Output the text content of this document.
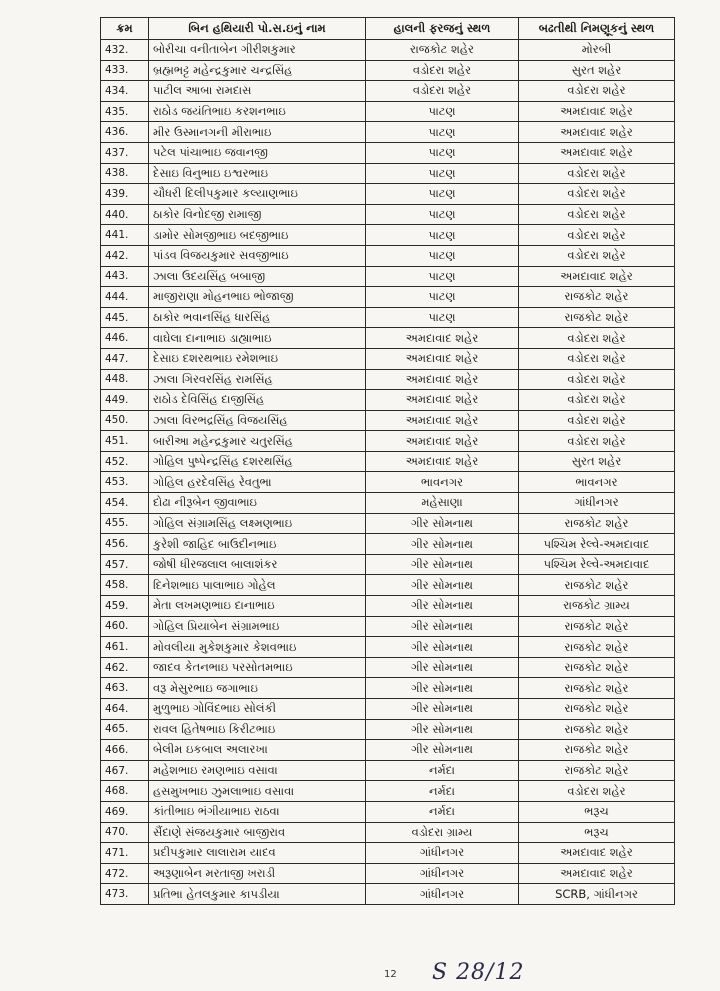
ક્રમ	બિન હથિયારી પો.સ.ઇનું નામ	હાલની ફરજનું સ્થળ	બઢતીથી નિમણૂકનું સ્થળ
432.	બોરીચા વનીતાબેન ગીરીશકુમાર	રાજકોટ શહેર	મોરબી
433.	બ્રહ્મભટ્ટ મહેન્દ્રકુમાર ચન્દ્રસિંહ	વડોદરા શહેર	સુરત શહેર
434.	પાટીલ આબા રામદાસ	વડોદરા શહેર	વડોદરા શહેર
435.	રાઠોડ જયંતિભાઇ કરશનભાઇ	પાટણ	અમદાવાદ શહેર
436.	મીર ઉસ્માનગની મીરાભાઇ	પાટણ	અમદાવાદ શહેર
437.	પટેલ પાંચાભાઇ જવાનજી	પાટણ	અમદાવાદ શહેર
438.	દેસાઇ વિનુભાઇ ઇશ્વરભાઇ	પાટણ	વડોદરા શહેર
439.	ચૌધરી દિલીપકુમાર કલ્યાણભાઇ	પાટણ	વડોદરા શહેર
440.	ઠાકોર વિનોદજી રામાજી	પાટણ	વડોદરા શહેર
441.	ડામોર સોમજીભાઇ બદજીભાઇ	પાટણ	વડોદરા શહેર
442.	પાંડવ વિજયકુમાર સવજીભાઇ	પાટણ	વડોદરા શહેર
443.	ઝાલા ઉદયસિંહ બબાજી	પાટણ	અમદાવાદ શહેર
444.	માજીરાણા મોહનભાઇ ભોજાજી	પાટણ	રાજકોટ શહેર
445.	ઠાકોર ભવાનસિંહ ધારસિંહ	પાટણ	રાજકોટ શહેર
446.	વાઘેલા દાનાભાઇ ડાહ્યાભાઇ	અમદાવાદ શહેર	વડોદરા શહેર
447.	દેસાઇ દશરથભાઇ રમેશભાઇ	અમદાવાદ શહેર	વડોદરા શહેર
448.	ઝાલા ગિરવરસિંહ રામસિંહ	અમદાવાદ શહેર	વડોદરા શહેર
449.	રાઠોડ દેવિસિંહ દાજીસિંહ	અમદાવાદ શહેર	વડોદરા શહેર
450.	ઝાલા વિરભદ્રસિંહ વિજયસિંહ	અમદાવાદ શહેર	વડોદરા શહેર
451.	બારીઆ મહેન્દ્રકુમાર ચતુરસિંહ	અમદાવાદ શહેર	વડોદરા શહેર
452.	ગોહિલ પુષ્પેન્દ્રસિંહ દશરથસિંહ	અમદાવાદ શહેર	સુરત શહેર
453.	ગોહિલ હરદેવસિંહ રેવતુભા	ભાવનગર	ભાવનગર
454.	દોઢા નીરૂબેન જીવાભાઇ	મહેસાણા	ગાંધીનગર
455.	ગોહિલ સંગ્રામસિંહ લક્ષ્મણભાઇ	ગીર સોમનાથ	રાજકોટ શહેર
456.	કુરેશી જાહિદ બાઉદીનભાઇ	ગીર સોમનાથ	પશ્ચિમ રેલ્વે-અમદાવાદ
457.	જોષી ધીરજલાલ બાલાશંકર	ગીર સોમનાથ	પશ્ચિમ રેલ્વે-અમદાવાદ
458.	દિનેશભાઇ પાલાભાઇ ગોહેલ	ગીર સોમનાથ	રાજકોટ શહેર
459.	મેતા લખમણભાઇ દાનાભાઇ	ગીર સોમનાથ	રાજકોટ ગ્રામ્ય
460.	ગોહિલ પ્રિયાબેન સંગ્રામભાઇ	ગીર સોમનાથ	રાજકોટ શહેર
461.	મોવલીયા મુકેશકુમાર કેશવભાઇ	ગીર સોમનાથ	રાજકોટ શહેર
462.	જાદવ કેતનભાઇ પરસોતમભાઇ	ગીર સોમનાથ	રાજકોટ શહેર
463.	વરૂ મેસુરભાઇ જગાભાઇ	ગીર સોમનાથ	રાજકોટ શહેર
464.	મુળુભાઇ ગોવિંદભાઇ સોલંકી	ગીર સોમનાથ	રાજકોટ શહેર
465.	રાવલ હિતેષભાઇ કિરીટભાઇ	ગીર સોમનાથ	રાજકોટ શહેર
466.	બેલીમ ઇકબાલ અલારખા	ગીર સોમનાથ	રાજકોટ શહેર
467.	મહેશભાઇ રમણભાઇ વસાવા	નર્મદા	રાજકોટ શહેર
468.	હસમુખભાઇ ઝુમલાભાઇ વસાવા	નર્મદા	વડોદરા શહેર
469.	કાંતીભાઇ ભંગીયાભાઇ રાઠવા	નર્મદા	ભરૂચ
470.	સૈંદાણે સંજયકુમાર બાજીરાવ	વડોદરા ગ્રામ્ય	ભરૂચ
471.	પ્રદીપકુમાર લાલારામ યાદવ	ગાંધીનગર	અમદાવાદ શહેર
472.	અરૂણાબેન મરતાજી ખરાડી	ગાંધીનગર	અમદાવાદ શહેર
473.	પ્રતિભા હેતલકુમાર કાપડીયા	ગાંધીનગર	SCRB, ગાંધીનગર
12 S 28/12
